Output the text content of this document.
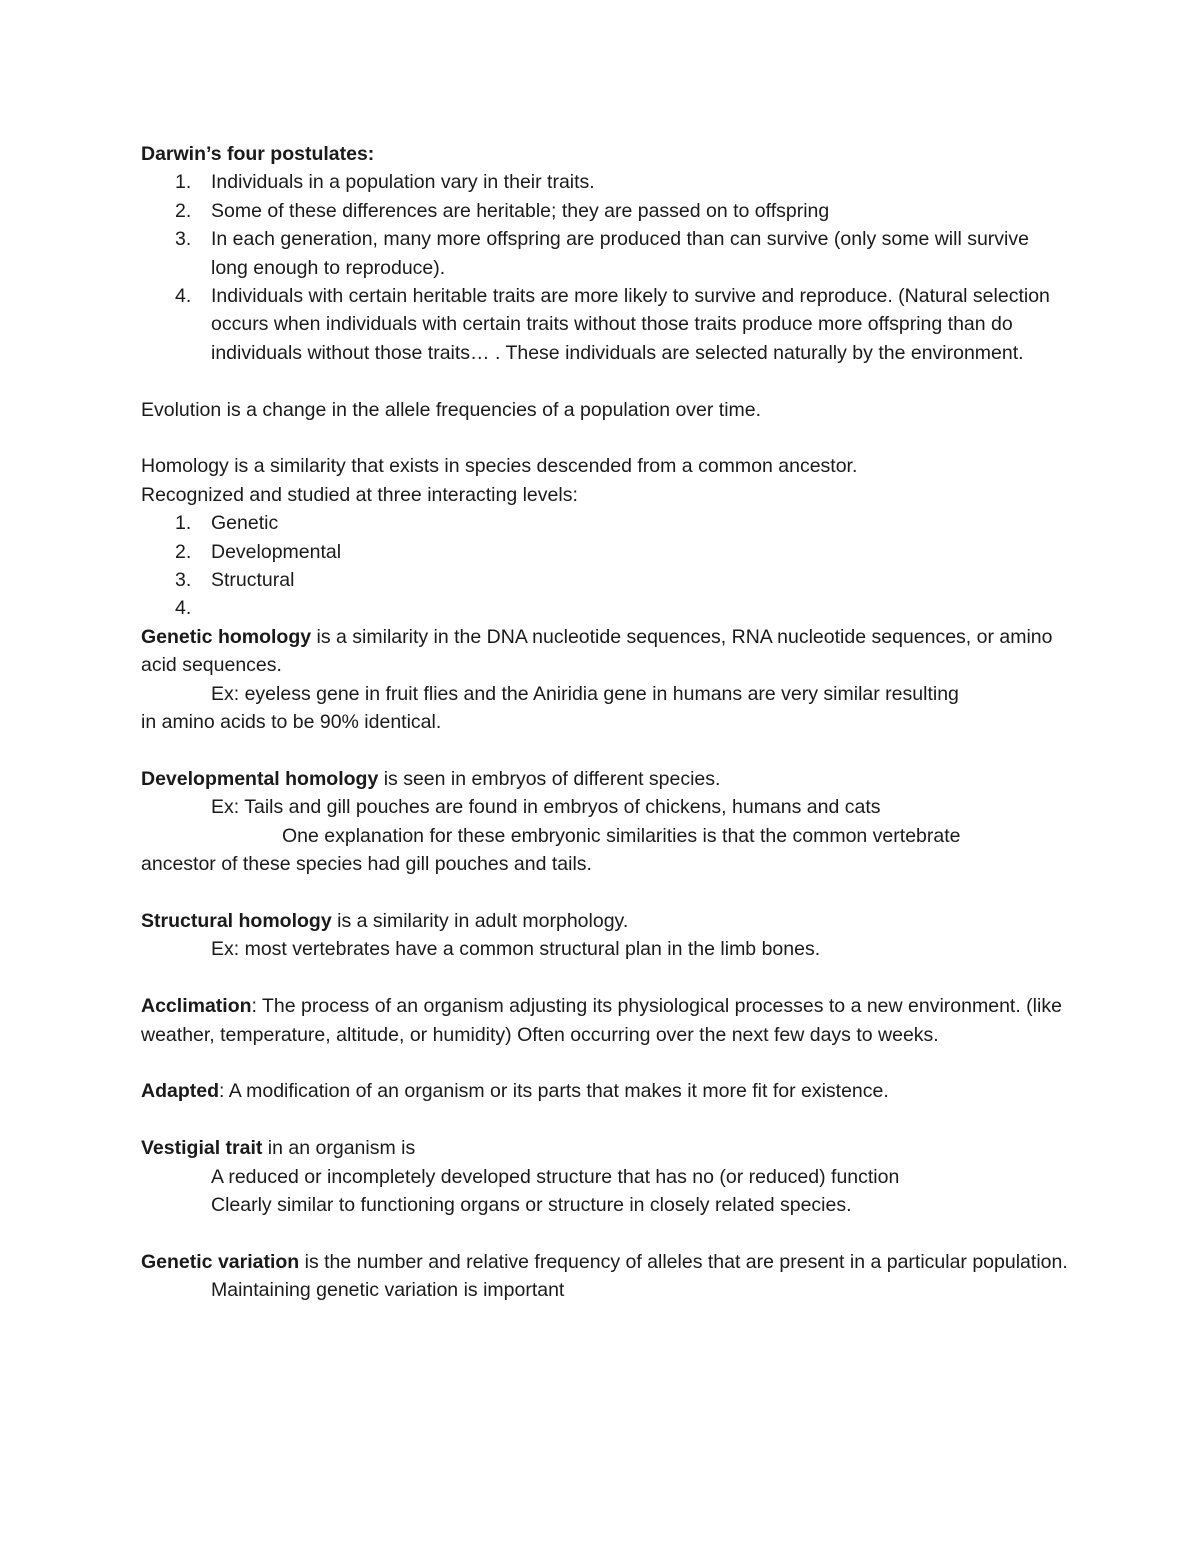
Darwin’s four postulates:
1. Individuals in a population vary in their traits.
2. Some of these differences are heritable; they are passed on to offspring
3. In each generation, many more offspring are produced than can survive (only some will survive long enough to reproduce).
4. Individuals with certain heritable traits are more likely to survive and reproduce. (Natural selection occurs when individuals with certain traits without those traits produce more offspring than do individuals without those traits… . These individuals are selected naturally by the environment.
Evolution is a change in the allele frequencies of a population over time.
Homology is a similarity that exists in species descended from a common ancestor.
Recognized and studied at three interacting levels:
1. Genetic
2. Developmental
3. Structural
4.
Genetic homology is a similarity in the DNA nucleotide sequences, RNA nucleotide sequences, or amino acid sequences.
Ex: eyeless gene in fruit flies and the Aniridia gene in humans are very similar resulting
in amino acids to be 90% identical.
Developmental homology is seen in embryos of different species.
Ex: Tails and gill pouches are found in embryos of chickens, humans and cats
One explanation for these embryonic similarities is that the common vertebrate
ancestor of these species had gill pouches and tails.
Structural homology is a similarity in adult morphology.
Ex: most vertebrates have a common structural plan in the limb bones.
Acclimation: The process of an organism adjusting its physiological processes to a new environment. (like weather, temperature, altitude, or humidity) Often occurring over the next few days to weeks.
Adapted: A modification of an organism or its parts that makes it more fit for existence.
Vestigial trait in an organism is
A reduced or incompletely developed structure that has no (or reduced) function
Clearly similar to functioning organs or structure in closely related species.
Genetic variation is the number and relative frequency of alleles that are present in a particular population.
Maintaining genetic variation is important
